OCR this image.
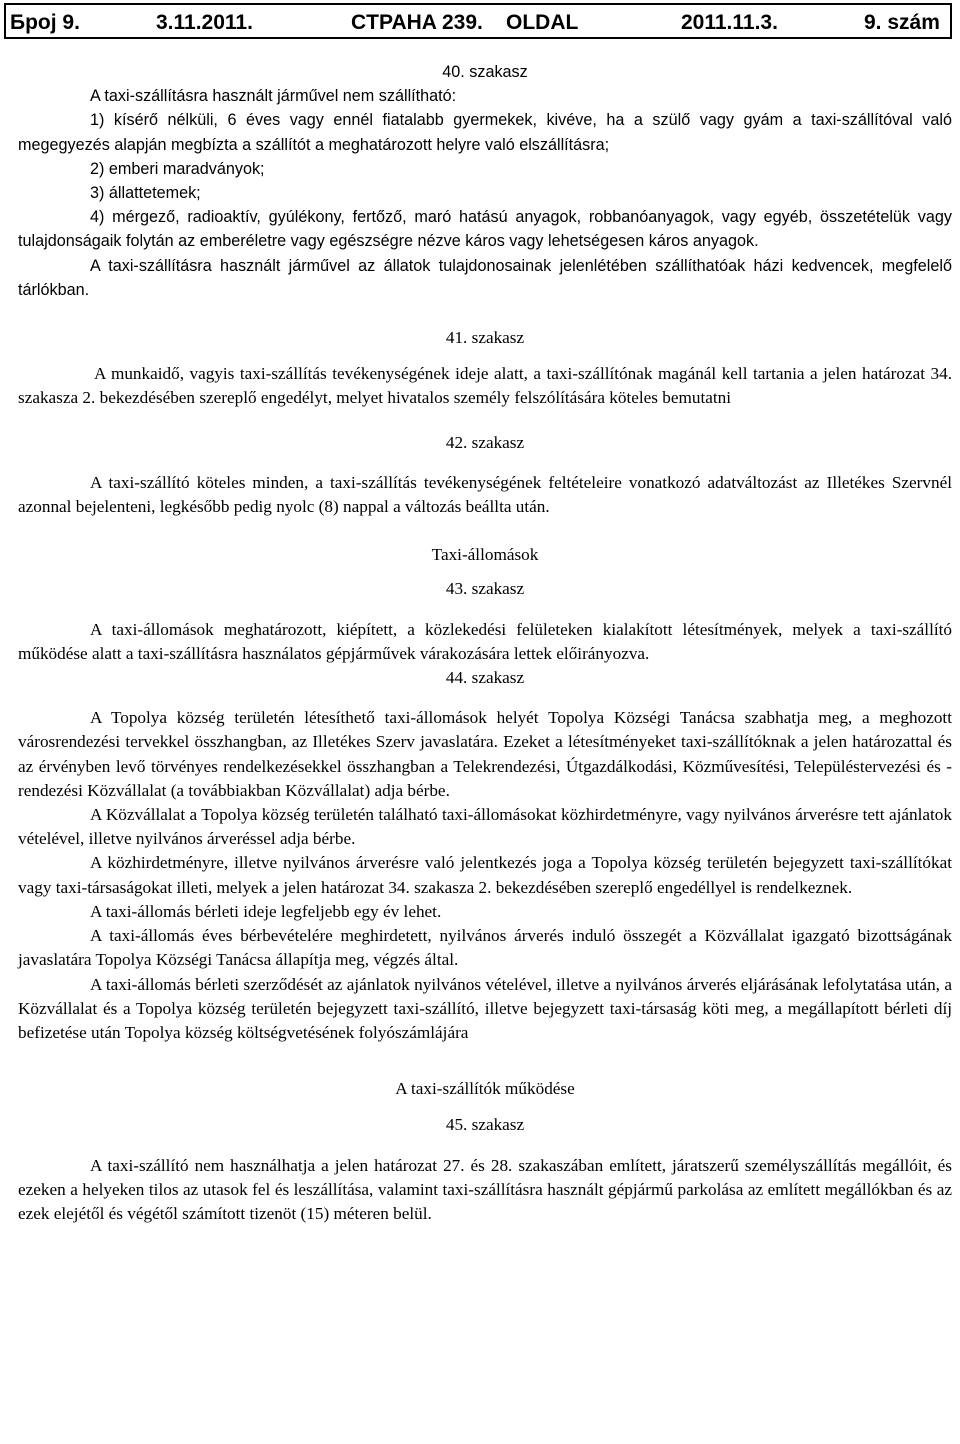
Бpoj 9.	3.11.2011.	CTPAHA 239. OLDAL	2011.11.3.	9. szám

40. szakasz

A taxi-szállításra használt járművel nem szállítható:

1) kísérő nélküli, 6 éves vagy ennél fiatalabb gyermekek, kivéve, ha a szülő vagy gyám a taxi-szállítóval való megegyezés alapján megbízta a szállítót a meghatározott helyre való elszállításra;

2) emberi maradványok;

3) állattetemek;

4) mérgező, radioaktív, gyúlékony, fertőző, maró hatású anyagok, robbanóanyagok, vagy egyéb, összetételük vagy tulajdonságaik folytán az emberéletre vagy egészségre nézve káros vagy lehetségesen káros anyagok.

A taxi-szállításra használt járművel az állatok tulajdonosainak jelenlétében szállíthatóak házi kedvencek, megfelelő tárlókban.

41. szakasz

A munkaidő, vagyis taxi-szállítás tevékenységének ideje alatt, a taxi-szállítónak magánál kell tartania a jelen határozat 34. szakasza 2. bekezdésében szereplő engedélyt, melyet hivatalos személy felszólítására köteles bemutatni

42. szakasz

A taxi-szállító köteles minden, a taxi-szállítás tevékenységének feltételeire vonatkozó adatváltozást az Illetékes Szervnél azonnal bejelenteni, legkésőbb pedig nyolc (8) nappal a változás beállta után.

Taxi-állomások

43. szakasz

A taxi-állomások meghatározott, kiépített, a közlekedési felületeken kialakított létesítmények, melyek a taxi-szállító működése alatt a taxi-szállításra használatos gépjárművek várakozására lettek előirányozva.

44. szakasz

A Topolya község területén létesíthető taxi-állomások helyét Topolya Községi Tanácsa szabhatja meg, a meghozott városrendezési tervekkel összhangban, az Illetékes Szerv javaslatára. Ezeket a létesítményeket taxi-szállítóknak a jelen határozattal és az érvényben levő törvényes rendelkezésekkel összhangban a Telekrendezési, Útgazdálkodási, Közművesítési, Településtervezési és -rendezési Közvállalat (a továbbiakban Közvállalat) adja bérbe.

A Közvállalat a Topolya község területén található taxi-állomásokat közhirdetményre, vagy nyilvános árverésre tett ajánlatok vételével, illetve nyilvános árveréssel adja bérbe.

A közhirdetményre, illetve nyilvános árverésre való jelentkezés joga a Topolya község területén bejegyzett taxi-szállítókat vagy taxi-társaságokat illeti, melyek a jelen határozat 34. szakasza 2. bekezdésében szereplő engedéllyel is rendelkeznek.

A taxi-állomás bérleti ideje legfeljebb egy év lehet.

A taxi-állomás éves bérbevételére meghirdetett, nyilvános árverés induló összegét a Közvállalat igazgató bizottságának javaslatára Topolya Községi Tanácsa állapítja meg, végzés által.

A taxi-állomás bérleti szerződését az ajánlatok nyilvános vételével, illetve a nyilvános árverés eljárásának lefolytatása után, a Közvállalat és a Topolya község területén bejegyzett taxi-szállító, illetve bejegyzett taxi-társaság köti meg, a megállapított bérleti díj befizetése után Topolya község költségvetésének folyószámlájára

A taxi-szállítók működése

45. szakasz

A taxi-szállító nem használhatja a jelen határozat 27. és 28. szakaszában említett, járatszerű személyszállítás megállóit, és ezeken a helyeken tilos az utasok fel és leszállítása, valamint taxi-szállításra használt gépjármű parkolása az említett megállókban és az ezek elejétől és végétől számított tizenöt (15) méteren belül.
